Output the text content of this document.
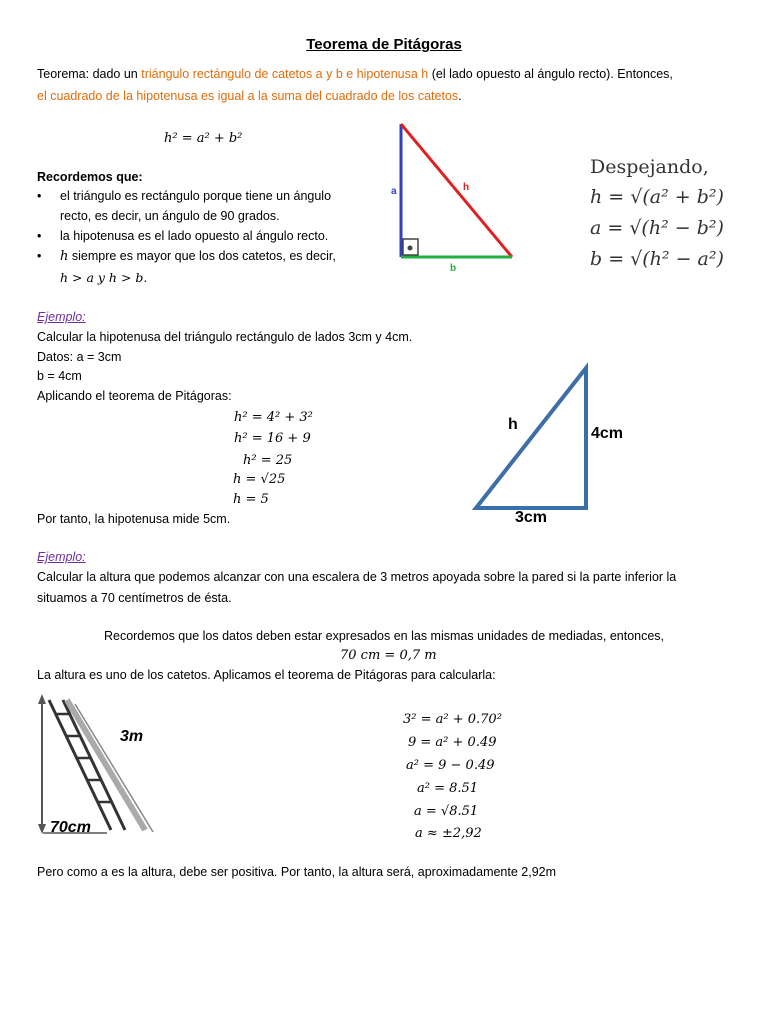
Teorema de Pitágoras
Teorema: dado un triángulo rectángulo de catetos a y b e hipotenusa h (el lado opuesto al ángulo recto). Entonces,
el cuadrado de la hipotenusa es igual a la suma del cuadrado de los catetos.
h² = a² + b²
Recordemos que:
• el triángulo es rectángulo porque tiene un ángulo
recto, es decir, un ángulo de 90 grados.
• la hipotenusa es el lado opuesto al ángulo recto.
• h siempre es mayor que los dos catetos, es decir,
h > a y h > b.
a	h
b
Despejando,
h = √(a² + b²)
a = √(h² − b²)
b = √(h² − a²)
Ejemplo:
Calcular la hipotenusa del triángulo rectángulo de lados 3cm y 4cm.
Datos: a = 3cm
b = 4cm
Aplicando el teorema de Pitágoras:
h² = 4² + 3²
h² = 16 + 9
h² = 25
h = √25
h = 5
Por tanto, la hipotenusa mide 5cm.
h
4cm
3cm
Ejemplo:
Calcular la altura que podemos alcanzar con una escalera de 3 metros apoyada sobre la pared si la parte inferior la
situamos a 70 centímetros de ésta.
Recordemos que los datos deben estar expresados en las mismas unidades de mediadas, entonces,
70 cm = 0,7 m
La altura es uno de los catetos. Aplicamos el teorema de Pitágoras para calcularla:
3m
70cm
3² = a² + 0.70²
9 = a² + 0.49
a² = 9 − 0.49
a² = 8.51
a = √8.51
a ≈ ±2,92
Pero como a es la altura, debe ser positiva. Por tanto, la altura será, aproximadamente 2,92m
